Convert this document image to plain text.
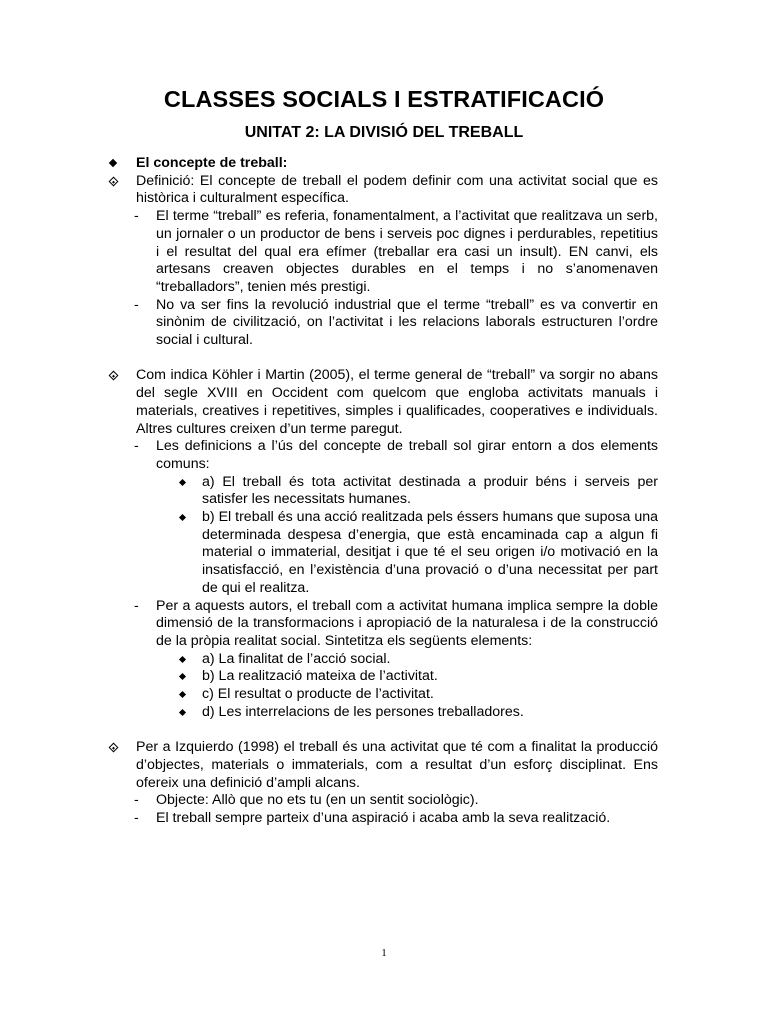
CLASSES SOCIALS I ESTRATIFICACIÓ
UNITAT 2: LA DIVISIÓ DEL TREBALL
El concepte de treball:
Definició: El concepte de treball el podem definir com una activitat social que es històrica i culturalment específica.
- El terme “treball” es referia, fonamentalment, a l’activitat que realitzava un serb, un jornaler o un productor de bens i serveis poc dignes i perdurables, repetitius i el resultat del qual era efímer (treballar era casi un insult). EN canvi, els artesans creaven objectes durables en el temps i no s’anomenaven “treballadors”, tenien més prestigi.
- No va ser fins la revolució industrial que el terme “treball” es va convertir en sinònim de civilització, on l’activitat i les relacions laborals estructuren l’ordre social i cultural.
Com indica Köhler i Martin (2005), el terme general de “treball” va sorgir no abans del segle XVIII en Occident com quelcom que engloba activitats manuals i materials, creatives i repetitives, simples i qualificades, cooperatives e individuals. Altres cultures creixen d’un terme paregut.
- Les definicions a l’ús del concepte de treball sol girar entorn a dos elements comuns:
a) El treball és tota activitat destinada a produir béns i serveis per satisfer les necessitats humanes.
b) El treball és una acció realitzada pels éssers humans que suposa una determinada despesa d’energia, que està encaminada cap a algun fi material o immaterial, desitjat i que té el seu origen i/o motivació en la insatisfacció, en l’existència d’una provació o d’una necessitat per part de qui el realitza.
- Per a aquests autors, el treball com a activitat humana implica sempre la doble dimensió de la transformacions i apropiació de la naturalesa i de la construcció de la pròpia realitat social. Sintetitza els següents elements:
a) La finalitat de l’acció social.
b) La realització mateixa de l’activitat.
c) El resultat o producte de l’activitat.
d) Les interrelacions de les persones treballadores.
Per a Izquierdo (1998) el treball és una activitat que té com a finalitat la producció d’objectes, materials o immaterials, com a resultat d’un esforç disciplinat. Ens ofereix una definició d’ampli alcans.
- Objecte: Allò que no ets tu (en un sentit sociològic).
- El treball sempre parteix d’una aspiració i acaba amb la seva realització.
1
